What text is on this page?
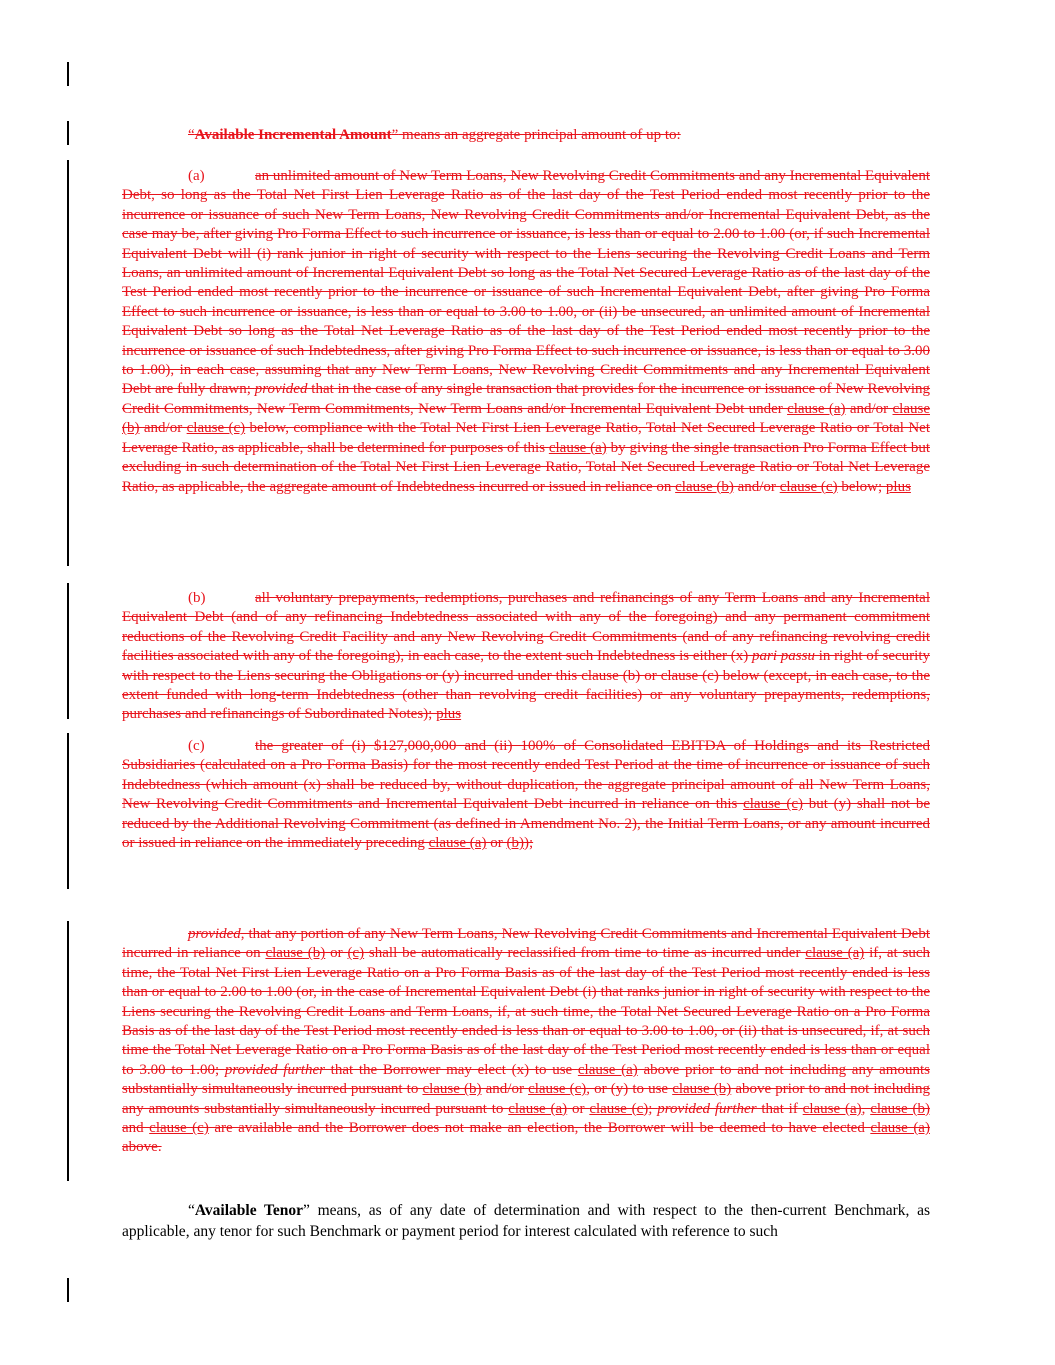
“Available Incremental Amount” means an aggregate principal amount of up to:

(a)	an unlimited amount of New Term Loans, New Revolving Credit Commitments and any Incremental Equivalent Debt, so long as the Total Net First Lien Leverage Ratio as of the last day of the Test Period ended most recently prior to the incurrence or issuance of such New Term Loans, New Revolving Credit Commitments and/or Incremental Equivalent Debt, as the case may be, after giving Pro Forma Effect to such incurrence or issuance, is less than or equal to 2.00 to 1.00 (or, if such Incremental Equivalent Debt will (i) rank junior in right of security with respect to the Liens securing the Revolving Credit Loans and Term Loans, an unlimited amount of Incremental Equivalent Debt so long as the Total Net Secured Leverage Ratio as of the last day of the Test Period ended most recently prior to the incurrence or issuance of such Incremental Equivalent Debt, after giving Pro Forma Effect to such incurrence or issuance, is less than or equal to 3.00 to 1.00, or (ii) be unsecured, an unlimited amount of Incremental Equivalent Debt so long as the Total Net Leverage Ratio as of the last day of the Test Period ended most recently prior to the incurrence or issuance of such Indebtedness, after giving Pro Forma Effect to such incurrence or issuance, is less than or equal to 3.00 to 1.00), in each case, assuming that any New Term Loans, New Revolving Credit Commitments and any Incremental Equivalent Debt are fully drawn; provided that in the case of any single transaction that provides for the incurrence or issuance of New Revolving Credit Commitments, New Term Commitments, New Term Loans and/or Incremental Equivalent Debt under clause (a) and/or clause (b) and/or clause (c) below, compliance with the Total Net First Lien Leverage Ratio, Total Net Secured Leverage Ratio or Total Net Leverage Ratio, as applicable, shall be determined for purposes of this clause (a) by giving the single transaction Pro Forma Effect but excluding in such determination of the Total Net First Lien Leverage Ratio, Total Net Secured Leverage Ratio or Total Net Leverage Ratio, as applicable, the aggregate amount of Indebtedness incurred or issued in reliance on clause (b) and/or clause (c) below; plus

(b)	all voluntary prepayments, redemptions, purchases and refinancings of any Term Loans and any Incremental Equivalent Debt (and of any refinancing Indebtedness associated with any of the foregoing) and any permanent commitment reductions of the Revolving Credit Facility and any New Revolving Credit Commitments (and of any refinancing revolving credit facilities associated with any of the foregoing), in each case, to the extent such Indebtedness is either (x) pari passu in right of security with respect to the Liens securing the Obligations or (y) incurred under this clause (b) or clause (c) below (except, in each case, to the extent funded with long-term Indebtedness (other than revolving credit facilities) or any voluntary prepayments, redemptions, purchases and refinancings of Subordinated Notes); plus

(c)	the greater of (i) $127,000,000 and (ii) 100% of Consolidated EBITDA of Holdings and its Restricted Subsidiaries (calculated on a Pro Forma Basis) for the most recently ended Test Period at the time of incurrence or issuance of such Indebtedness (which amount (x) shall be reduced by, without duplication, the aggregate principal amount of all New Term Loans, New Revolving Credit Commitments and Incremental Equivalent Debt incurred in reliance on this clause (c) but (y) shall not be reduced by the Additional Revolving Commitment (as defined in Amendment No. 2), the Initial Term Loans, or any amount incurred or issued in reliance on the immediately preceding clause (a) or (b));

provided, that any portion of any New Term Loans, New Revolving Credit Commitments and Incremental Equivalent Debt incurred in reliance on clause (b) or (c) shall be automatically reclassified from time to time as incurred under clause (a) if, at such time, the Total Net First Lien Leverage Ratio on a Pro Forma Basis as of the last day of the Test Period most recently ended is less than or equal to 2.00 to 1.00 (or, in the case of Incremental Equivalent Debt (i) that ranks junior in right of security with respect to the Liens securing the Revolving Credit Loans and Term Loans, if, at such time, the Total Net Secured Leverage Ratio on a Pro Forma Basis as of the last day of the Test Period most recently ended is less than or equal to 3.00 to 1.00, or (ii) that is unsecured, if, at such time the Total Net Leverage Ratio on a Pro Forma Basis as of the last day of the Test Period most recently ended is less than or equal to 3.00 to 1.00; provided further that the Borrower may elect (x) to use clause (a) above prior to and not including any amounts substantially simultaneously incurred pursuant to clause (b) and/or clause (c), or (y) to use clause (b) above prior to and not including any amounts substantially simultaneously incurred pursuant to clause (a) or clause (c); provided further that if clause (a), clause (b) and clause (c) are available and the Borrower does not make an election, the Borrower will be deemed to have elected clause (a) above.

“Available Tenor” means, as of any date of determination and with respect to the then-current Benchmark, as applicable, any tenor for such Benchmark or payment period for interest calculated with reference to such
